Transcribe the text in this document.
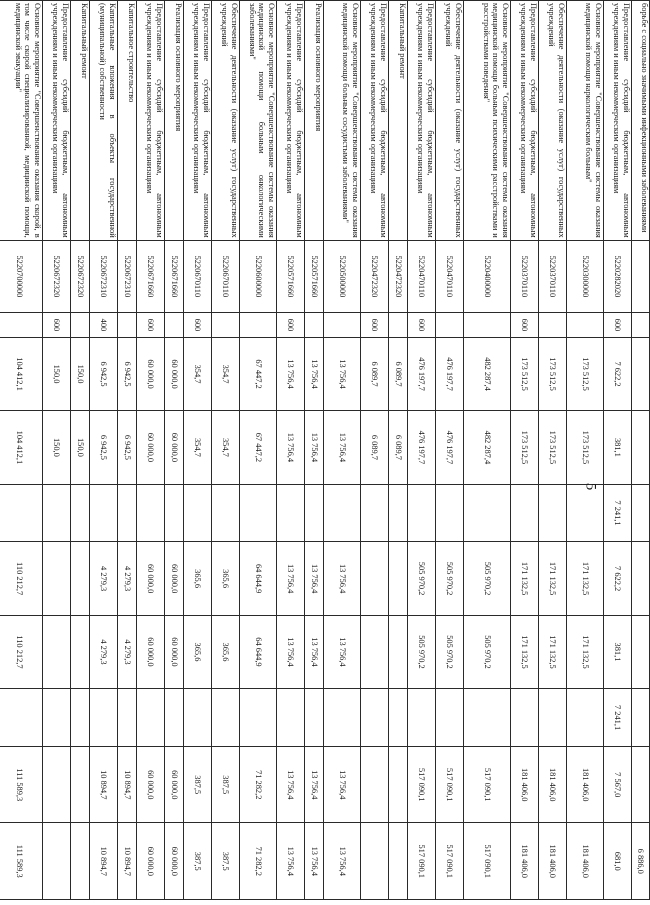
борьбе с социально значимыми инфекционными заболеваниями										6 886,0
Предоставление субсидий бюджетным, автономным учреждениям и иным некоммерческим организациям	5220282020	600	7 622,2	381,1	7 241,1	7 622,2	381,1	7 241,1	7 567,0	681,0
Основное мероприятие "Совершенствование системы оказания медицинской помощи наркологическим больным"	5220300000		173 512,5	173 512,5		171 132,5	171 132,5		181 406,0	181 406,0
Обеспечение деятельности (оказание услуг) государственных учреждений	5220370110		173 512,5	173 512,5		171 132,5	171 132,5		181 406,0	181 406,0
Предоставление субсидий бюджетным, автономным учреждениям и иным некоммерческим организациям	5220370110	600	173 512,5	173 512,5		171 132,5	171 132,5		181 406,0	181 406,0
Основное мероприятие "Совершенствование системы оказания медицинской помощи больным психическими расстройствами и расстройствами поведения"	5220400000		482 287,4	482 287,4		505 970,2	505 970,2		517 090,1	517 090,1
Обеспечение деятельности (оказание услуг) государственных учреждений	5220470110		476 197,7	476 197,7		505 970,2	505 970,2		517 090,1	517 090,1
Предоставление субсидий бюджетным, автономным учреждениям и иным некоммерческим организациям	5220470110	600	476 197,7	476 197,7		505 970,2	505 970,2		517 090,1	517 090,1
Капитальный ремонт	5220472320		6 089,7	6 089,7						
Предоставление субсидий бюджетным, автономным учреждениям и иным некоммерческим организациям	5220472320	600	6 089,7	6 089,7						
Основное мероприятие "Совершенствование системы оказания медицинской помощи больным сосудистыми заболеваниями"	5220500000		13 756,4	13 756,4		13 756,4	13 756,4		13 756,4	13 756,4
Реализация основного мероприятия	5220571660		13 756,4	13 756,4		13 756,4	13 756,4		13 756,4	13 756,4
Предоставление субсидий бюджетным, автономным учреждениям и иным некоммерческим организациям	5220571660	600	13 756,4	13 756,4		13 756,4	13 756,4		13 756,4	13 756,4
Основное мероприятие "Совершенствование системы оказания медицинской помощи больным онкологическими заболеваниями"	5220600000		67 447,2	67 447,2		64 644,9	64 644,9		71 282,2	71 282,2
Обеспечение деятельности (оказание услуг) государственных учреждений	5220670110		354,7	354,7		365,6	365,6		387,5	387,5
Предоставление субсидий бюджетным, автономным учреждениям и иным некоммерческим организациям	5220670110	600	354,7	354,7		365,6	365,6		387,5	387,5
Реализация основного мероприятия	5220671660		60 000,0	60 000,0		60 000,0	60 000,0		60 000,0	60 000,0
Предоставление субсидий бюджетным, автономным учреждениям и иным некоммерческим организациям	5220671660	600	60 000,0	60 000,0		60 000,0	60 000,0		60 000,0	60 000,0
Капитальное строительство	5220672310		6 942,5	6 942,5		4 279,3	4 279,3		10 894,7	10 894,7
Капитальные вложения в объекты государственной (муниципальной) собственности	5220672310	400	6 942,5	6 942,5		4 279,3	4 279,3		10 894,7	10 894,7
Капитальный ремонт	5220672320		150,0	150,0						
Предоставление субсидий бюджетным, автономным учреждениям и иным некоммерческим организациям	5220672320	600	150,0	150,0						
Основное мероприятие "Совершенствование оказания скорой, в том числе скорой специализированной, медицинской помощи, медицинской эвакуации"	5220700000		104 412,1	104 412,1		110 212,7	110 212,7		111 589,3	111 589,3

5
